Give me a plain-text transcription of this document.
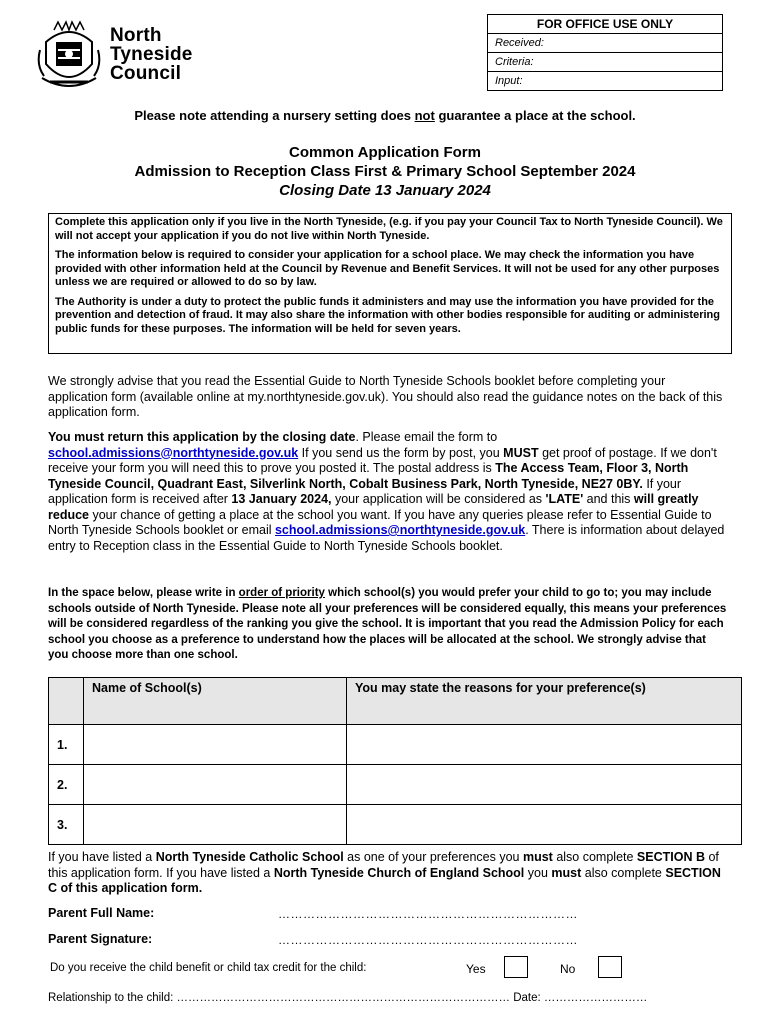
North
Tyneside
Council
FOR OFFICE USE ONLY
Received:
Criteria:
Input:
Please note attending a nursery setting does not guarantee a place at the school.
Common Application Form
Admission to Reception Class First & Primary School September 2024
Closing Date 13 January 2024

Complete this application only if you live in the North Tyneside, (e.g. if you pay your Council Tax to North Tyneside Council). We will not accept your application if you do not live within North Tyneside.

The information below is required to consider your application for a school place. We may check the information you have provided with other information held at the Council by Revenue and Benefit Services. It will not be used for any other purposes unless we are required or allowed to do so by law.

The Authority is under a duty to protect the public funds it administers and may use the information you have provided for the prevention and detection of fraud. It may also share the information with other bodies responsible for auditing or administering public funds for these purposes. The information will be held for seven years.

We strongly advise that you read the Essential Guide to North Tyneside Schools booklet before completing your application form (available online at my.northtyneside.gov.uk). You should also read the guidance notes on the back of this application form.
You must return this application by the closing date. Please email the form to school.admissions@northtyneside.gov.uk If you send us the form by post, you MUST get proof of postage. If we don't receive your form you will need this to prove you posted it. The postal address is The Access Team, Floor 3, North Tyneside Council, Quadrant East, Silverlink North, Cobalt Business Park, North Tyneside, NE27 0BY. If your application form is received after 13 January 2024, your application will be considered as 'LATE' and this will greatly reduce your chance of getting a place at the school you want. If you have any queries please refer to Essential Guide to North Tyneside Schools booklet or email school.admissions@northtyneside.gov.uk. There is information about delayed entry to Reception class in the Essential Guide to North Tyneside Schools booklet.
In the space below, please write in order of priority which school(s) you would prefer your child to go to; you may include schools outside of North Tyneside. Please note all your preferences will be considered equally, this means your preferences will be considered regardless of the ranking you give the school. It is important that you read the Admission Policy for each school you choose as a preference to understand how the places will be allocated at the school. We strongly advise that you choose more than one school.
	Name of School(s)	You may state the reasons for your preference(s)
1.		
2.		
3.		
If you have listed a North Tyneside Catholic School as one of your preferences you must also complete SECTION B of this application form. If you have listed a North Tyneside Church of England School you must also complete SECTION C of this application form.
Parent Full Name:	………………………………………………………………
Parent Signature:	………………………………………………………………
Do you receive the child benefit or child tax credit for the child:	Yes	No
Relationship to the child: …………………………………………………………………………… Date: ………………………
